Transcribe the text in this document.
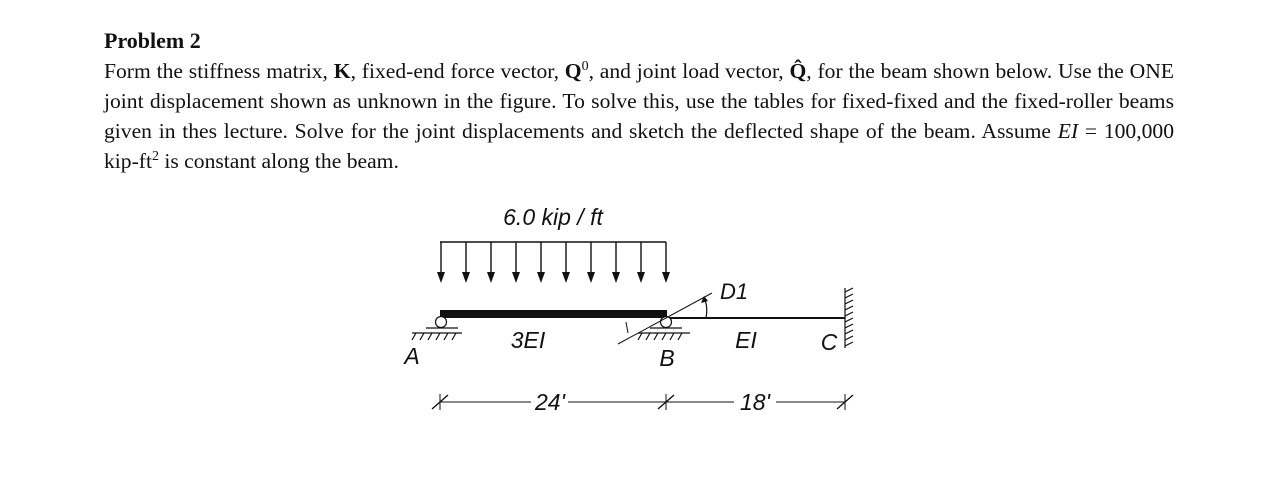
Problem 2

Form the stiffness matrix, K, fixed-end force vector, $Q^0$, and joint load vector, Q̂, for the beam shown below. Use the ONE joint displacement shown as unknown in the figure. To solve this, use the tables for fixed-fixed and the fixed-roller beams given in thes lecture. Solve for the joint displacements and sketch the deflected shape of the beam. Assume EI = 100,000 kip-$ft^2$ is constant along the beam.

6.0 kip / ft
D1
3EI	EI
A	B
C
24'	18'
